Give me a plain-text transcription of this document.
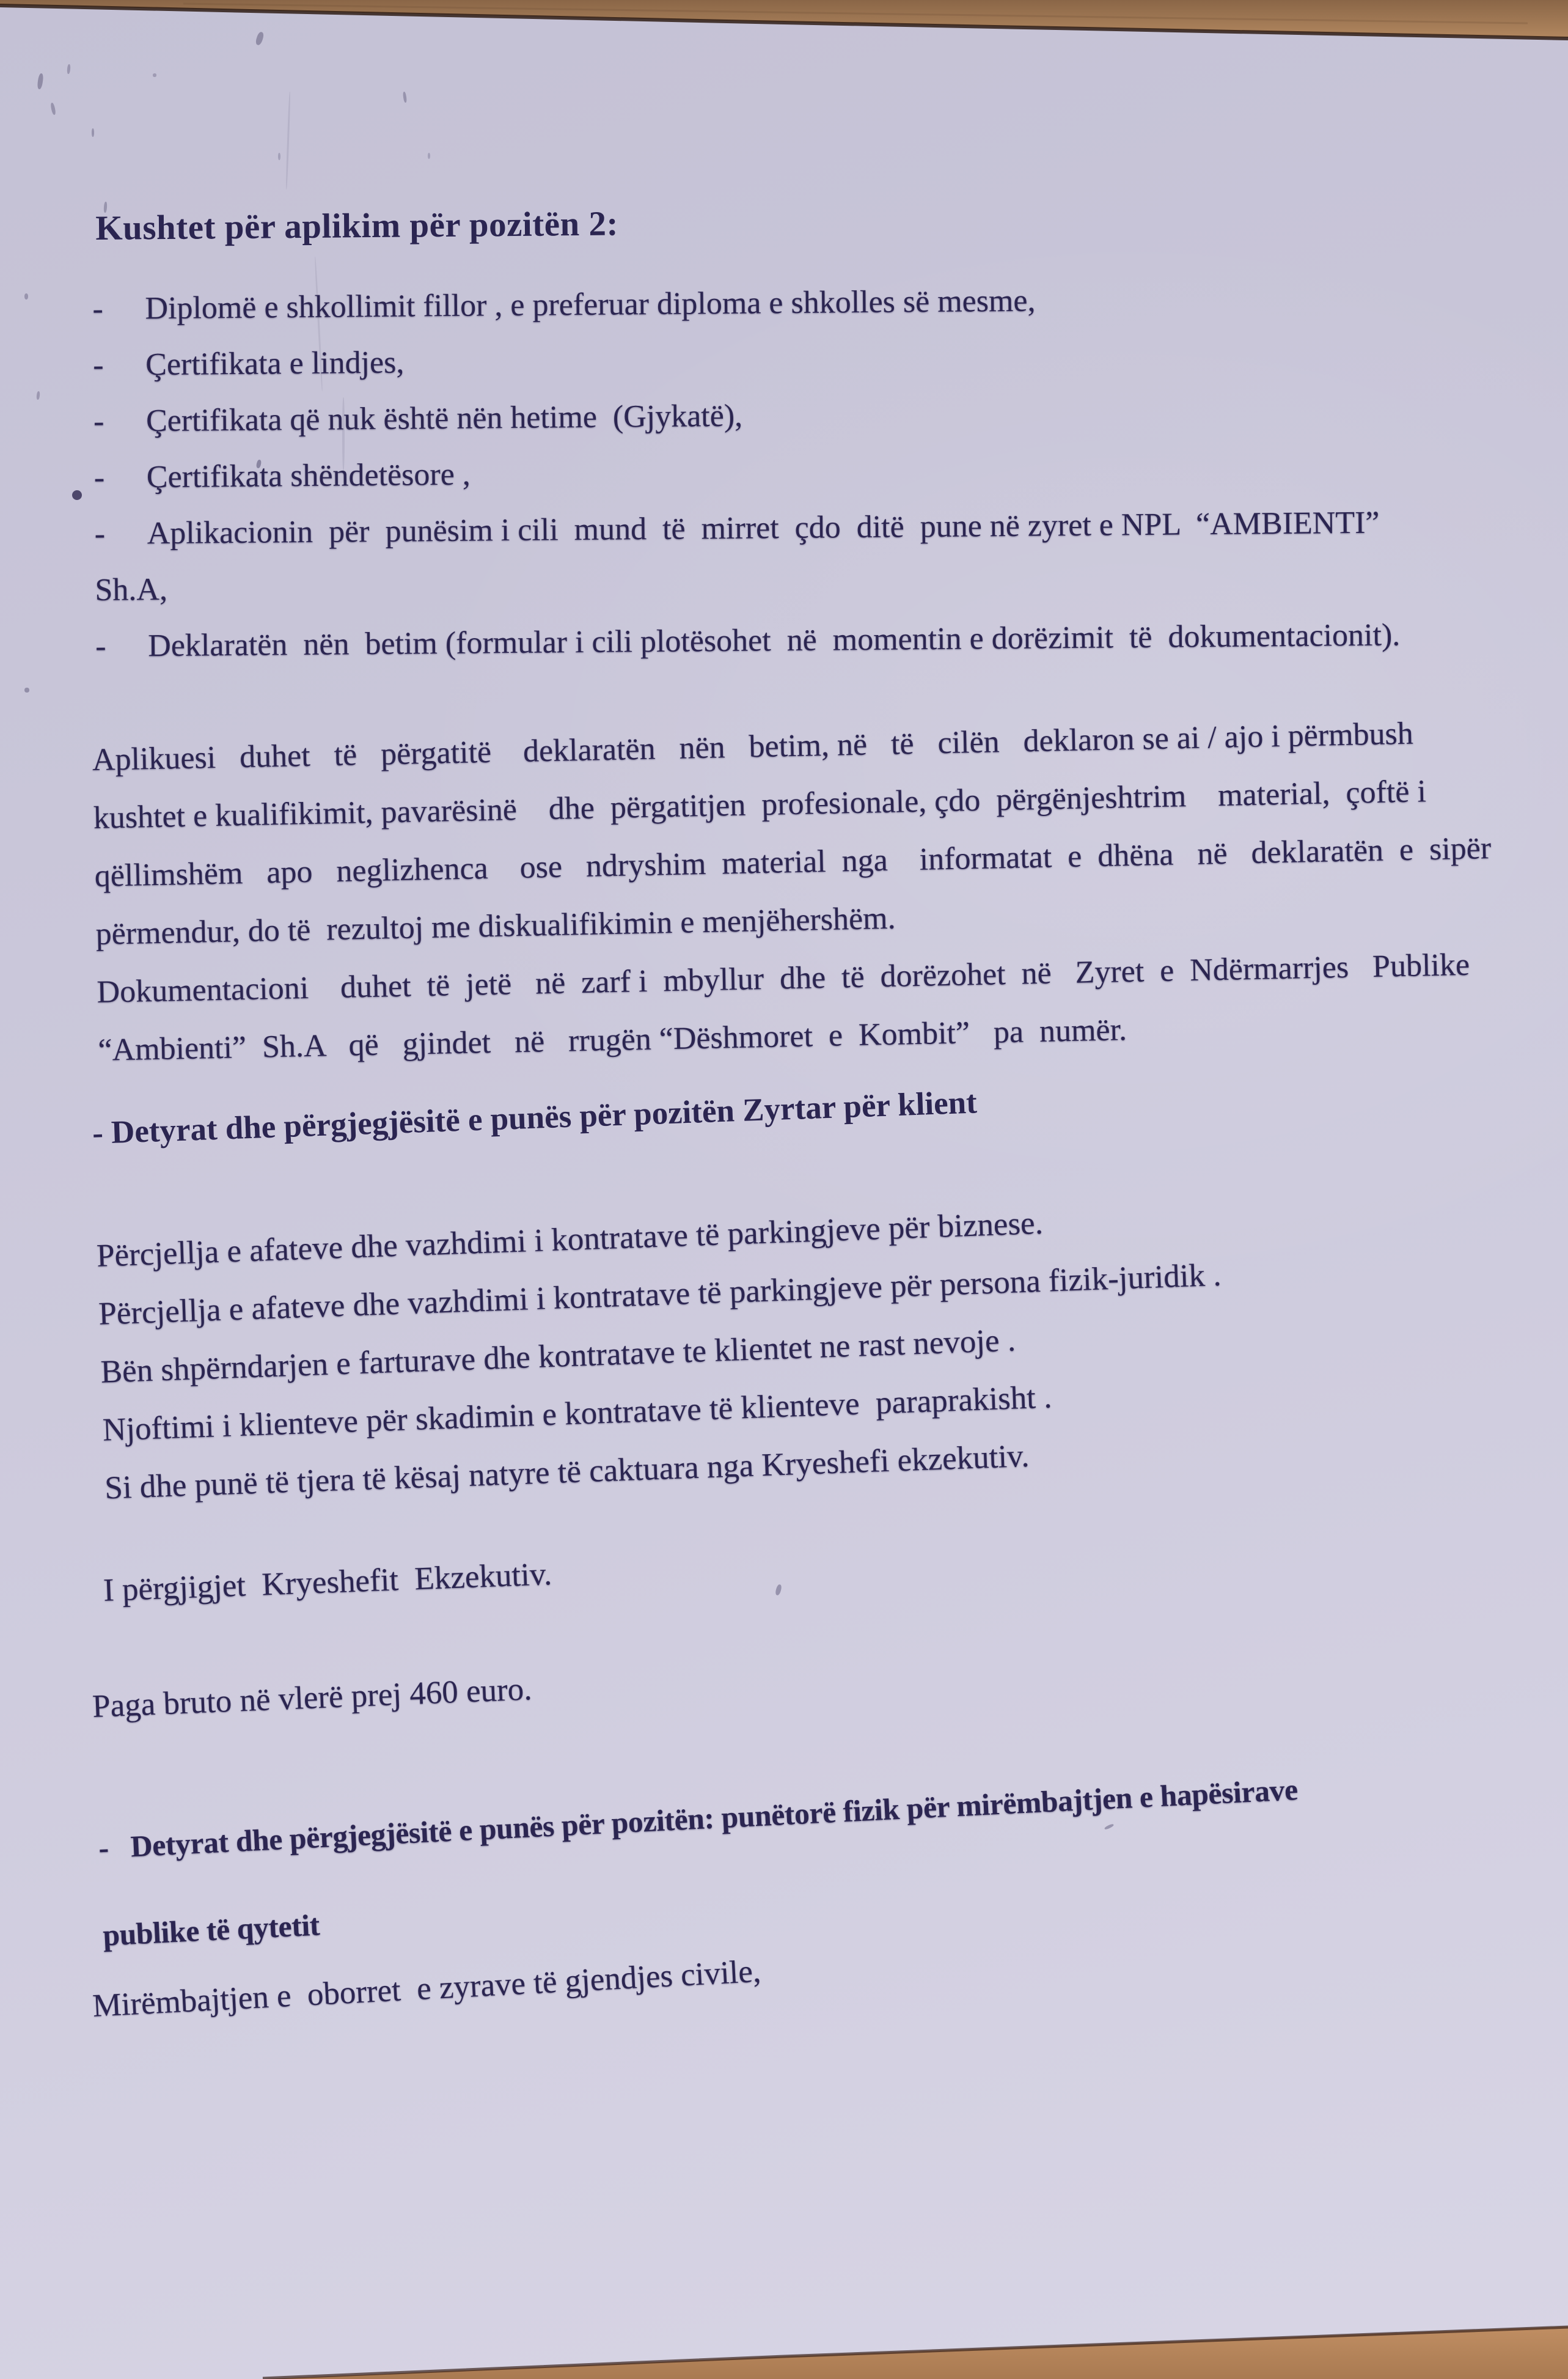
Kushtet për aplikim për pozitën 2:
-	Diplomë e shkollimit fillor , e preferuar diploma e shkolles së mesme,
-	Çertifikata e lindjes,
-	Çertifikata që nuk është nën hetime  (Gjykatë),
-	Çertifikata shëndetësore ,
-	Aplikacionin  për  punësim i cili  mund  të  mirret  çdo  ditë  pune në zyret e NPL  “AMBIENTI”
Sh.A,
-	Deklaratën  nën  betim (formular i cili plotësohet  në  momentin e dorëzimit  të  dokumentacionit).
Aplikuesi   duhet   të   përgatitë    deklaratën   nën   betim, në   të   cilën   deklaron se ai / ajo i përmbush
kushtet e kualifikimit, pavarësinë    dhe  përgatitjen  profesionale, çdo  përgënjeshtrim    material,  çoftë i
qëllimshëm   apo   neglizhenca    ose   ndryshim  material  nga    informatat  e  dhëna   në   deklaratën  e  sipër
përmendur, do të  rezultoj me diskualifikimin e menjëhershëm.
Dokumentacioni    duhet  të  jetë   në  zarf i  mbyllur  dhe  të  dorëzohet  në   Zyret  e  Ndërmarrjes   Publike
“Ambienti”  Sh.A   që   gjindet   në   rrugën “Dëshmoret  e  Kombit”   pa  numër.
- Detyrat dhe përgjegjësitë e punës për pozitën Zyrtar për klient
Përcjellja e afateve dhe vazhdimi i kontratave të parkingjeve për biznese.
Përcjellja e afateve dhe vazhdimi i kontratave të parkingjeve për persona fizik-juridik .
Bën shpërndarjen e farturave dhe kontratave te klientet ne rast nevoje .
Njoftimi i klienteve për skadimin e kontratave të klienteve  paraprakisht .
Si dhe punë të tjera të kësaj natyre të caktuara nga Kryeshefi ekzekutiv.
I përgjigjet  Kryeshefit  Ekzekutiv.
Paga bruto në vlerë prej 460 euro.
-   Detyrat dhe përgjegjësitë e punës për pozitën: punëtorë fizik për mirëmbajtjen e hapësirave
publike të qytetit
Mirëmbajtjen e  oborret  e zyrave të gjendjes civile,
